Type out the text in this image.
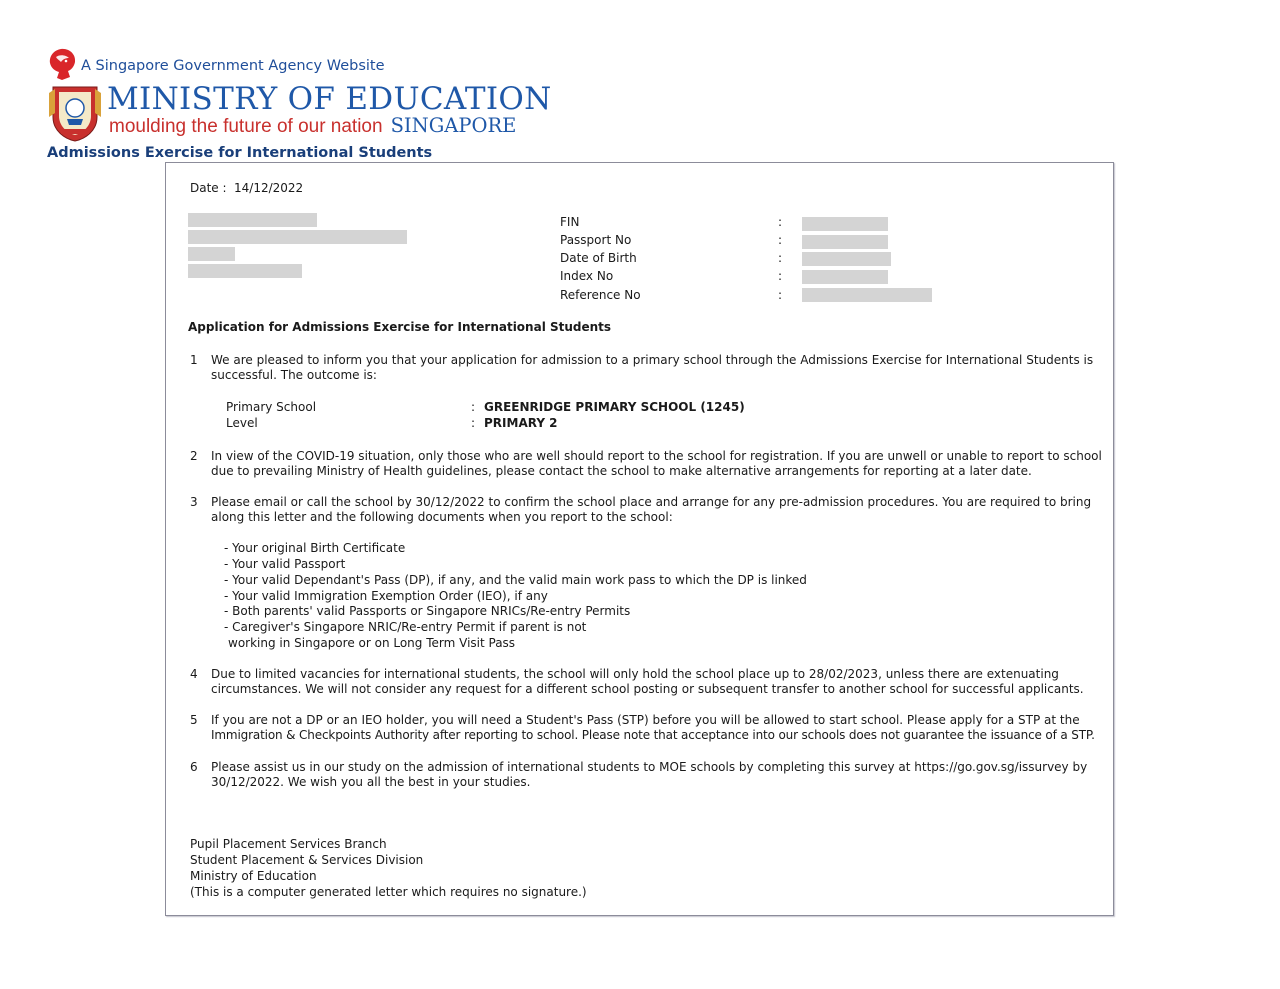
A Singapore Government Agency Website
MINISTRY OF EDUCATION
moulding the future of our nation SINGAPORE
Admissions Exercise for International Students
Date : 14/12/2022
FIN	:
Passport No	:
Date of Birth	:
Index No	:
Reference No	:
Application for Admissions Exercise for International Students
1 We are pleased to inform you that your application for admission to a primary school through the Admissions Exercise for International Students is
successful. The outcome is:
Primary School	: GREENRIDGE PRIMARY SCHOOL (1245)
Level	: PRIMARY 2
2 In view of the COVID-19 situation, only those who are well should report to the school for registration. If you are unwell or unable to report to school
due to prevailing Ministry of Health guidelines, please contact the school to make alternative arrangements for reporting at a later date.
3 Please email or call the school by 30/12/2022 to confirm the school place and arrange for any pre-admission procedures. You are required to bring
along this letter and the following documents when you report to the school:
- Your original Birth Certificate
- Your valid Passport
- Your valid Dependant's Pass (DP), if any, and the valid main work pass to which the DP is linked
- Your valid Immigration Exemption Order (IEO), if any
- Both parents' valid Passports or Singapore NRICs/Re-entry Permits
- Caregiver's Singapore NRIC/Re-entry Permit if parent is not
working in Singapore or on Long Term Visit Pass
4 Due to limited vacancies for international students, the school will only hold the school place up to 28/02/2023, unless there are extenuating
circumstances. We will not consider any request for a different school posting or subsequent transfer to another school for successful applicants.
5 If you are not a DP or an IEO holder, you will need a Student's Pass (STP) before you will be allowed to start school. Please apply for a STP at the
Immigration & Checkpoints Authority after reporting to school. Please note that acceptance into our schools does not guarantee the issuance of a STP.
6 Please assist us in our study on the admission of international students to MOE schools by completing this survey at https://go.gov.sg/issurvey by
30/12/2022. We wish you all the best in your studies.
Pupil Placement Services Branch
Student Placement & Services Division
Ministry of Education
(This is a computer generated letter which requires no signature.)
